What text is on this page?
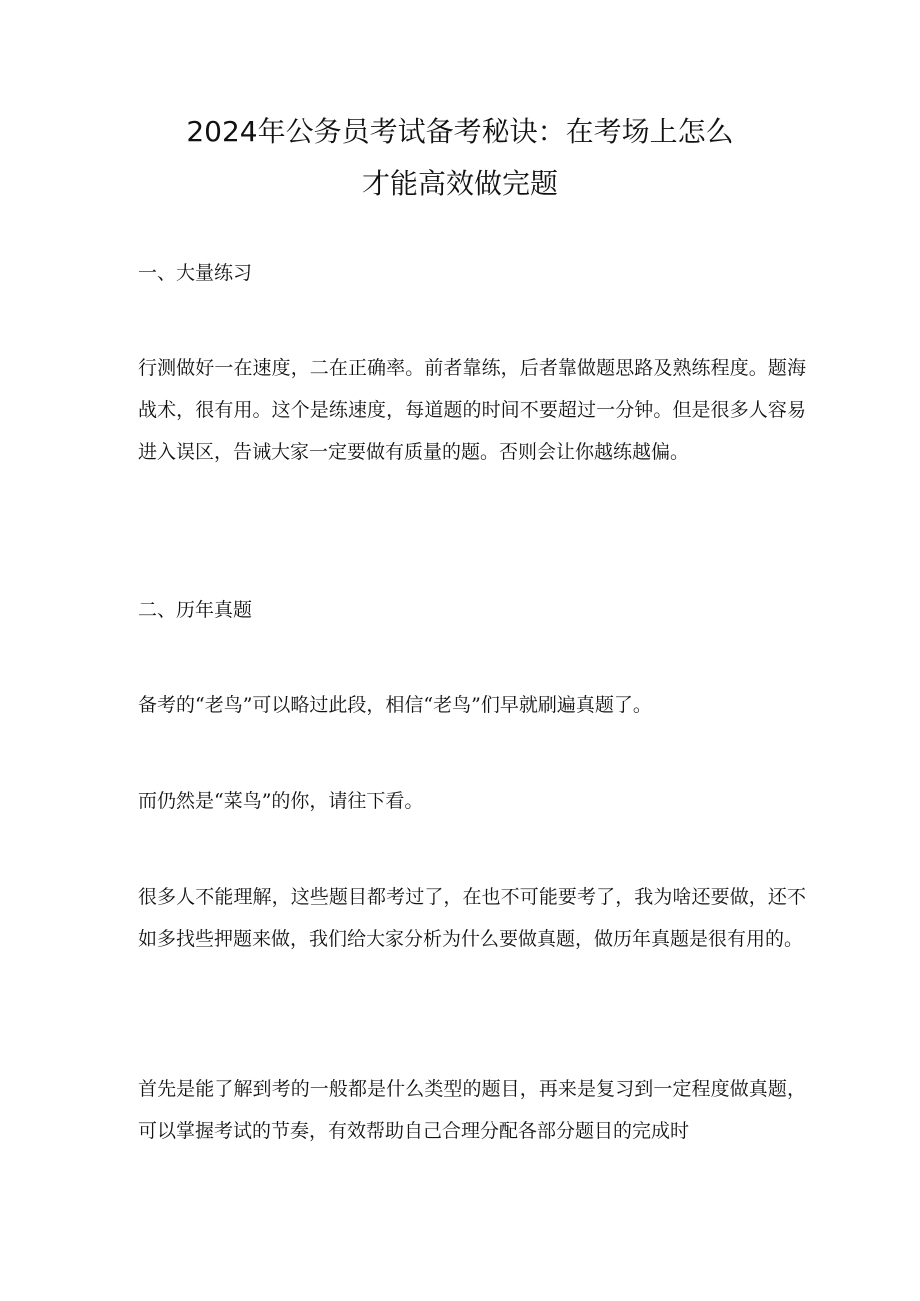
2024年公务员考试备考秘诀：在考场上怎么
才能高效做完题
一、大量练习

行测做好一在速度，二在正确率。前者靠练，后者靠做题思路及熟练程度。题海战术，很有用。这个是练速度，每道题的时间不要超过一分钟。但是很多人容易进入误区，告诫大家一定要做有质量的题。否则会让你越练越偏。

二、历年真题

备考的“老鸟”可以略过此段，相信“老鸟”们早就刷遍真题了。

而仍然是“菜鸟”的你，请往下看。

很多人不能理解，这些题目都考过了，在也不可能要考了，我为啥还要做，还不如多找些押题来做，我们给大家分析为什么要做真题，做历年真题是很有用的。

首先是能了解到考的一般都是什么类型的题目，再来是复习到一定程度做真题，可以掌握考试的节奏，有效帮助自己合理分配各部分题目的完成时
